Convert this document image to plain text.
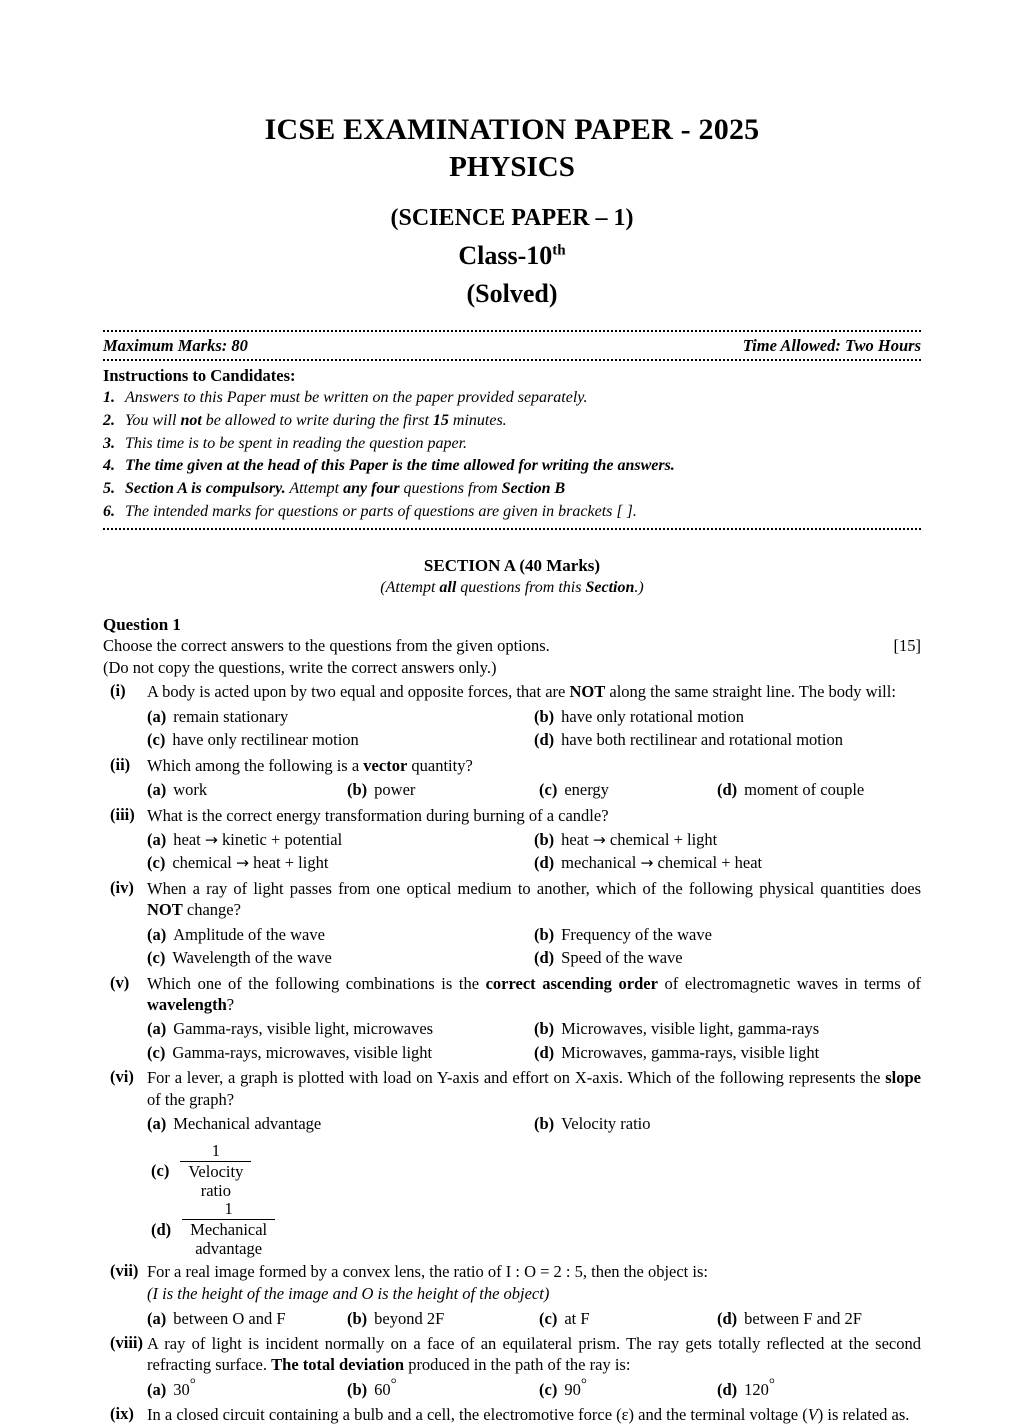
ICSE EXAMINATION PAPER - 2025
PHYSICS
(SCIENCE PAPER – 1)
Class-10th
(Solved)
Maximum Marks: 80	Time Allowed: Two Hours
Instructions to Candidates:
1. Answers to this Paper must be written on the paper provided separately.
2. You will not be allowed to write during the first 15 minutes.
3. This time is to be spent in reading the question paper.
4. The time given at the head of this Paper is the time allowed for writing the answers.
5. Section A is compulsory. Attempt any four questions from Section B
6. The intended marks for questions or parts of questions are given in brackets [ ].
SECTION A (40 Marks)
(Attempt all questions from this Section.)
Question 1
Choose the correct answers to the questions from the given options.
(Do not copy the questions, write the correct answers only.)
[15]
(i)	A body is acted upon by two equal and opposite forces, that are NOT along the same straight line. The body will:
(a) remain stationary	(b) have only rotational motion
(c) have only rectilinear motion	(d) have both rectilinear and rotational motion
(ii)	Which among the following is a vector quantity?
(a) work	(b) power	(c) energy	(d) moment of couple
(iii) What is the correct energy transformation during burning of a candle?
(a) heat → kinetic + potential	(b) heat → chemical + light
(c) chemical → heat + light	(d) mechanical → chemical + heat
(iv) When a ray of light passes from one optical medium to another, which of the following physical quantities does NOT change?
(a) Amplitude of the wave	(b) Frequency of the wave
(c) Wavelength of the wave	(d) Speed of the wave
(v)	Which one of the following combinations is the correct ascending order of electromagnetic waves in terms of wavelength?
(a) Gamma-rays, visible light, microwaves	(b) Microwaves, visible light, gamma-rays
(c) Gamma-rays, microwaves, visible light	(d) Microwaves, gamma-rays, visible light
(vi) For a lever, a graph is plotted with load on Y-axis and effort on X-axis. Which of the following represents the slope of the graph?
(a) Mechanical advantage	(b) Velocity ratio
$(c) \frac{1}{\text{Velocity ratio}}$
$(d) \frac{1}{\text{Mechanical advantage}}$
(vii) For a real image formed by a convex lens, the ratio of I : O = 2 : 5, then the object is:
(I is the height of the image and O is the height of the object)
(a) between O and F	(b) beyond 2F	(c) at F	(d) between F and 2F
(viii) A ray of light is incident normally on a face of an equilateral prism. The ray gets totally reflected at the second refracting surface. The total deviation produced in the path of the ray is:
(a) 30°	(b) 60°	(c) 90°	(d) 120°
(ix) In a closed circuit containing a bulb and a cell, the electromotive force (ε) and the terminal voltage (V) is related as.
